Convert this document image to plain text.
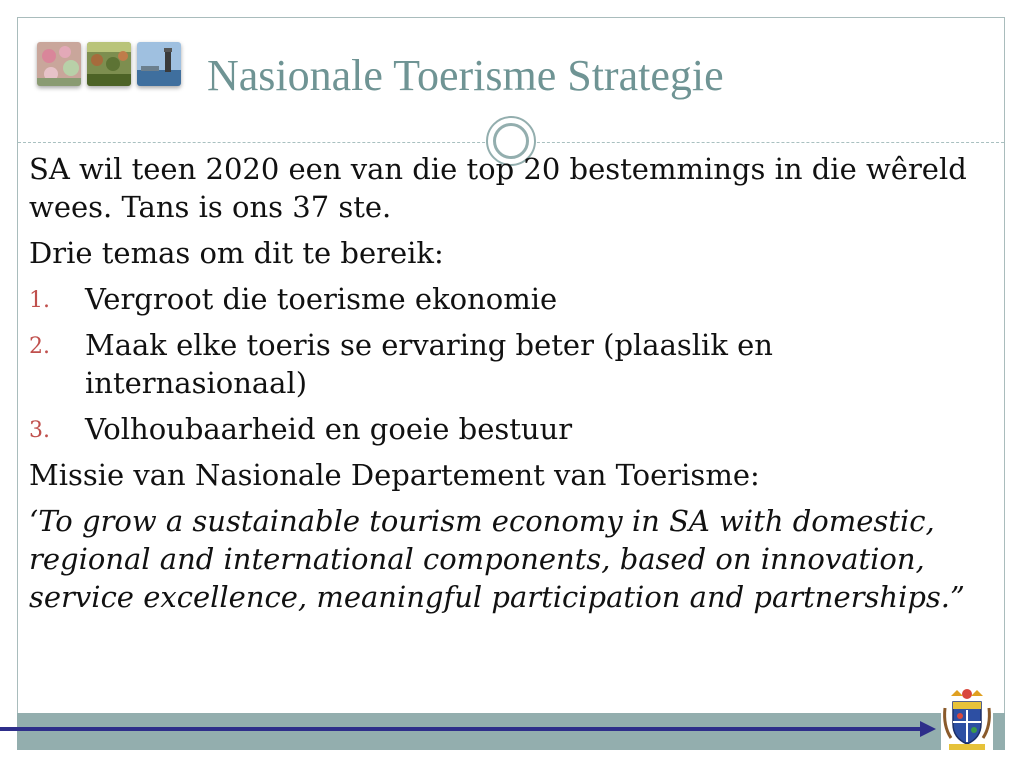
Nasionale Toerisme Strategie

SA wil teen 2020 een van die top 20 bestemmings in die wêreld wees. Tans is ons 37 ste.

Drie temas om dit te bereik:

1. Vergroot die toerisme ekonomie
2. Maak elke toeris se ervaring beter (plaaslik en internasionaal)
3. Volhoubaarheid en goeie bestuur

Missie van Nasionale Departement van Toerisme:

‘To grow a sustainable tourism economy in SA with domestic, regional and international components, based on innovation, service excellence, meaningful participation and partnerships.”
